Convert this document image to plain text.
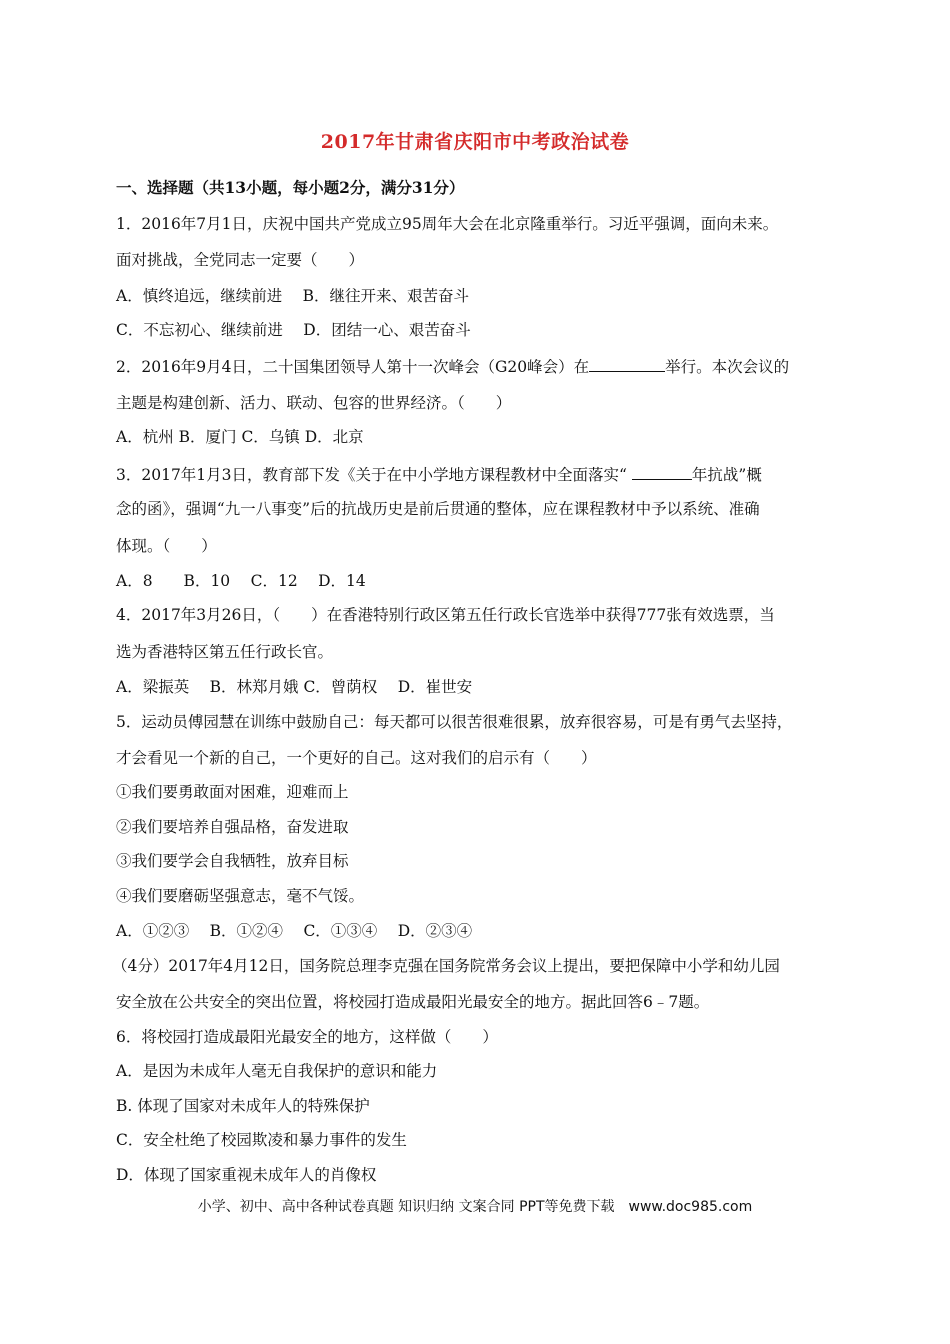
2017年甘肃省庆阳市中考政治试卷
一、选择题（共13小题，每小题2分，满分31分）
1．2016年7月1日，庆祝中国共产党成立95周年大会在北京隆重举行。习近平强调，面向未来。
面对挑战，全党同志一定要（　　）
A．慎终追远，继续前进　 B．继往开来、艰苦奋斗
C．不忘初心、继续前进　 D．团结一心、艰苦奋斗
2．2016年9月4日，二十国集团领导人第十一次峰会（G20峰会）在	举行。本次会议的
主题是构建创新、活力、联动、包容的世界经济。（　　）
A．杭州 B．厦门 C．乌镇 D．北京
3．2017年1月3日，教育部下发《关于在中小学地方课程教材中全面落实“	年抗战”概
念的函》，强调“九一八事变”后的抗战历史是前后贯通的整体，应在课程教材中予以系统、准确
体现。（　　）
A．8　　B．10　 C．12　 D．14
4．2017年3月26日，（　　）在香港特别行政区第五任行政长官选举中获得777张有效选票，当
选为香港特区第五任行政长官。
A．梁振英　 B．林郑月娥 C．曾荫权　 D．崔世安
5．运动员傅园慧在训练中鼓励自己：每天都可以很苦很难很累，放弃很容易，可是有勇气去坚持，
才会看见一个新的自己，一个更好的自己。这对我们的启示有（　　）
①我们要勇敢面对困难，迎难而上
②我们要培养自强品格，奋发进取
③我们要学会自我牺牲，放弃目标
④我们要磨砺坚强意志，毫不气馁。
A．①②③　 B．①②④　 C．①③④　 D．②③④
（4分）2017年4月12日，国务院总理李克强在国务院常务会议上提出，要把保障中小学和幼儿园
安全放在公共安全的突出位置，将校园打造成最阳光最安全的地方。据此回答6﹣7题。
6．将校园打造成最阳光最安全的地方，这样做（　　）
A．是因为未成年人毫无自我保护的意识和能力
B. 体现了国家对未成年人的特殊保护
C．安全杜绝了校园欺凌和暴力事件的发生
D．体现了国家重视未成年人的肖像权
小学、初中、高中各种试卷真题 知识归纳 文案合同 PPT等免费下载　www.doc985.com
